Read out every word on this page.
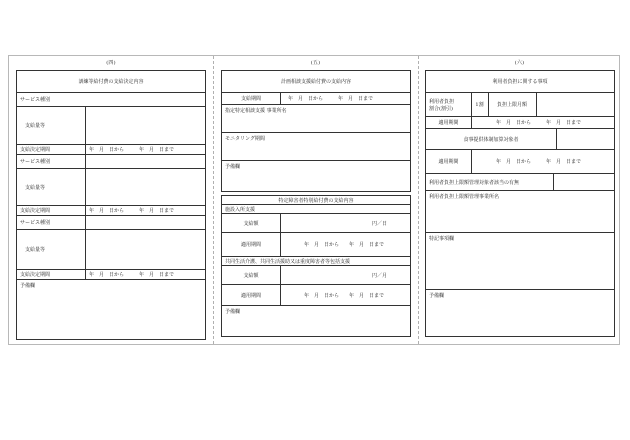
(四)
訓練等給付費の支給決定内容
サービス種別
支給量等
支給決定期間	年　月　日から　　　年　月　日まで
サービス種別
支給量等
支給決定期間	年　月　日から　　　年　月　日まで
サービス種別
支給量等
支給決定期間	年　月　日から　　　年　月　日まで
予備欄
(五)
計画相談支援給付費の支給内容
支給期間	年　月　日から　　　年　月　日まで
指定特定相談支援 事業所名
モニタリング期間
予備欄
特定障害者特別給付費の支給内容
施設入所支援
支給額	円／日
適用期間	年　月　日から　　年　月　日まで
共同生活介護、共同生活援助又は重度障害者等包括支援
支給額	円／月
適用期間	年　月　日から　　年　月　日まで
予備欄
(六)
利用者負担に関する事項
利用者負担
割合(割引)
1割	負担上限月額
適用期間	年　月　日から　　　年　月　日まで
食事提供体制加算対象者
適用期間	年　月　日から　　　年　月　日まで
利用者負担上限額管理対象者該当の有無
利用者負担上限額管理事業所名
特記事項欄
予備欄
